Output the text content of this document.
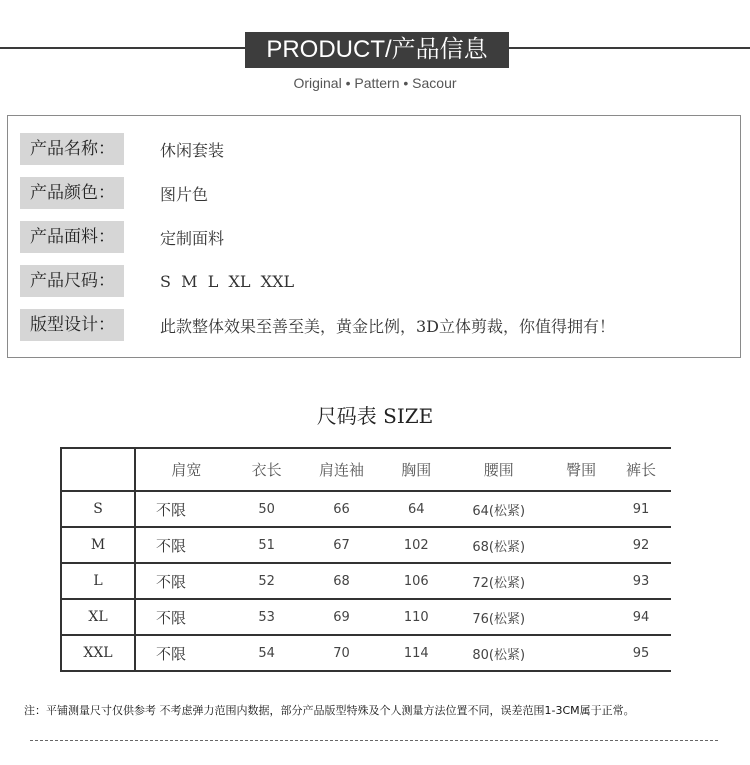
PRODUCT/产品信息
Original • Pattern • Sacour
产品名称：	休闲套装
产品颜色：	图片色
产品面料：	定制面料
产品尺码：	S  M  L  XL  XXL
版型设计：	此款整体效果至善至美，黄金比例，3D立体剪裁，你值得拥有！
尺码表 SIZE
	肩宽	衣长	肩连袖	胸围	腰围	臀围	裤长
S	不限	50	66	64	64(松紧)		91
M	不限	51	67	102	68(松紧)		92
L	不限	52	68	106	72(松紧)		93
XL	不限	53	69	110	76(松紧)		94
XXL	不限	54	70	114	80(松紧)		95
注：平铺测量尺寸仅供参考 不考虑弹力范围内数据，部分产品版型特殊及个人测量方法位置不同，误差范围1-3CM属于正常。
